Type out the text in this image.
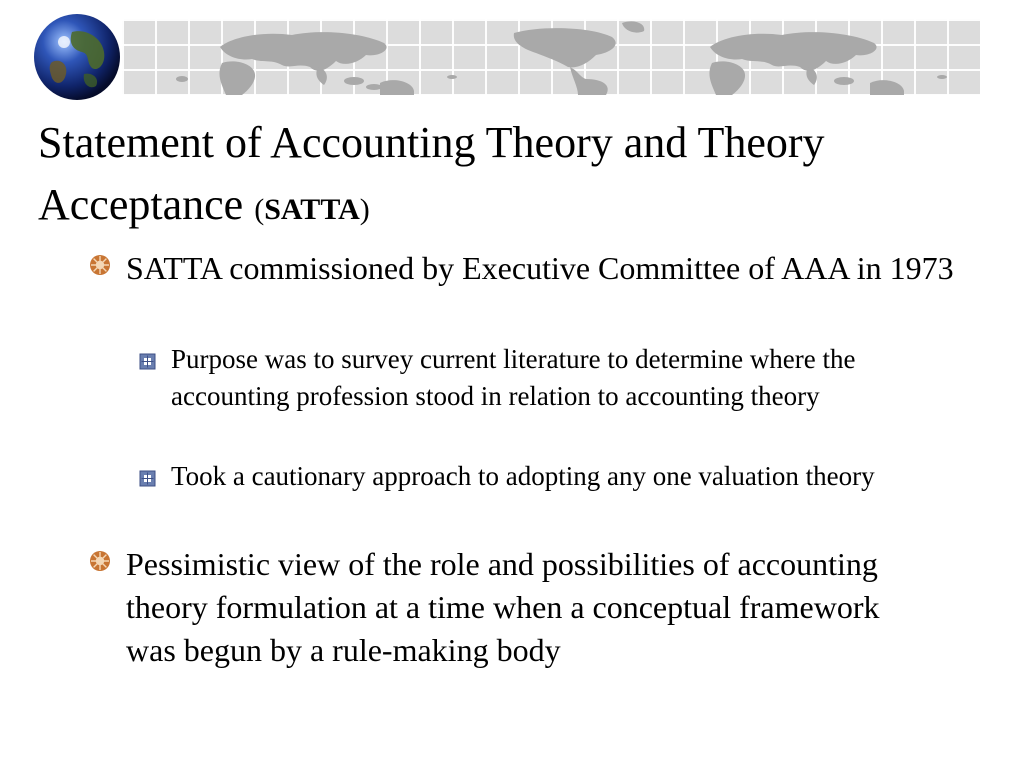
Statement of Accounting Theory and Theory Acceptance (SATTA)
SATTA commissioned by Executive Committee of AAA in 1973
Purpose was to survey current literature to determine where the accounting profession stood in relation to accounting theory
Took a cautionary approach to adopting any one valuation theory
Pessimistic view of the role and possibilities of accounting theory formulation at a time when a conceptual framework was begun by a rule-making body
